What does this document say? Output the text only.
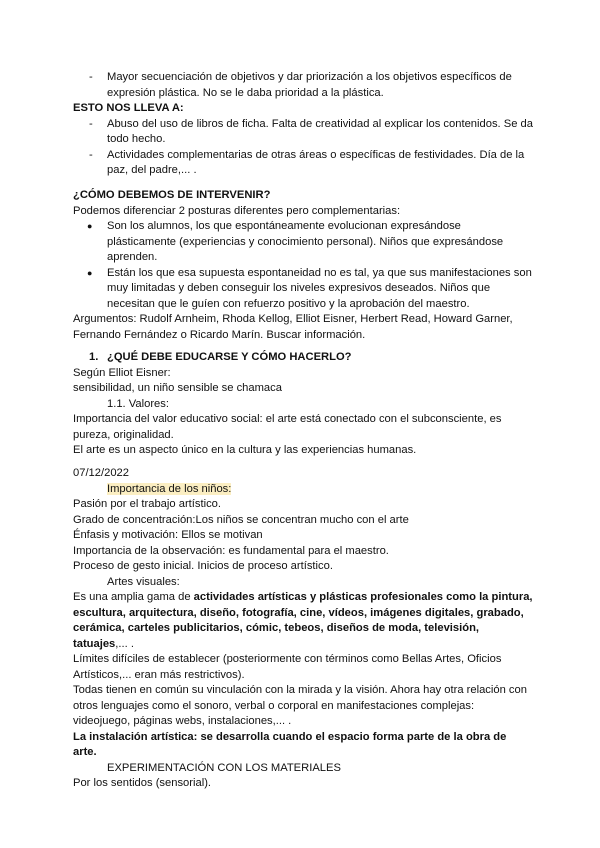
- Mayor secuenciación de objetivos y dar priorización a los objetivos específicos de expresión plástica. No se le daba prioridad a la plástica.

ESTO NOS LLEVA A:

- Abuso del uso de libros de ficha. Falta de creatividad al explicar los contenidos. Se da todo hecho.

- Actividades complementarias de otras áreas o específicas de festividades. Día de la paz, del padre,... .

¿CÓMO DEBEMOS DE INTERVENIR?

Podemos diferenciar 2 posturas diferentes pero complementarias:

● Son los alumnos, los que espontáneamente evolucionan expresándose plásticamente (experiencias y conocimiento personal). Niños que expresándose aprenden.

● Están los que esa supuesta espontaneidad no es tal, ya que sus manifestaciones son muy limitadas y deben conseguir los niveles expresivos deseados. Niños que necesitan que le guíen con refuerzo positivo y la aprobación del maestro.

Argumentos: Rudolf Arnheim, Rhoda Kellog, Elliot Eisner, Herbert Read, Howard Garner, Fernando Fernández o Ricardo Marín. Buscar información.

1. ¿QUÉ DEBE EDUCARSE Y CÓMO HACERLO?

Según Elliot Eisner:

sensibilidad, un niño sensible se chamaca

1.1. Valores:

Importancia del valor educativo social: el arte está conectado con el subconsciente, es pureza, originalidad.

El arte es un aspecto único en la cultura y las experiencias humanas.

07/12/2022

Importancia de los niños:

Pasión por el trabajo artístico.

Grado de concentración:Los niños se concentran mucho con el arte

Énfasis y motivación: Ellos se motivan

Importancia de la observación: es fundamental para el maestro.

Proceso de gesto inicial. Inicios de proceso artístico.

Artes visuales:

Es una amplia gama de actividades artísticas y plásticas profesionales como la pintura, escultura, arquitectura, diseño, fotografía, cine, vídeos, imágenes digitales, grabado, cerámica, carteles publicitarios, cómic, tebeos, diseños de moda, televisión, tatuajes,... .

Límites difíciles de establecer (posteriormente con términos como Bellas Artes, Oficios Artísticos,... eran más restrictivos).

Todas tienen en común su vinculación con la mirada y la visión. Ahora hay otra relación con otros lenguajes como el sonoro, verbal o corporal en manifestaciones complejas: videojuego, páginas webs, instalaciones,... .

La instalación artística: se desarrolla cuando el espacio forma parte de la obra de arte.

EXPERIMENTACIÓN CON LOS MATERIALES

Por los sentidos (sensorial).
